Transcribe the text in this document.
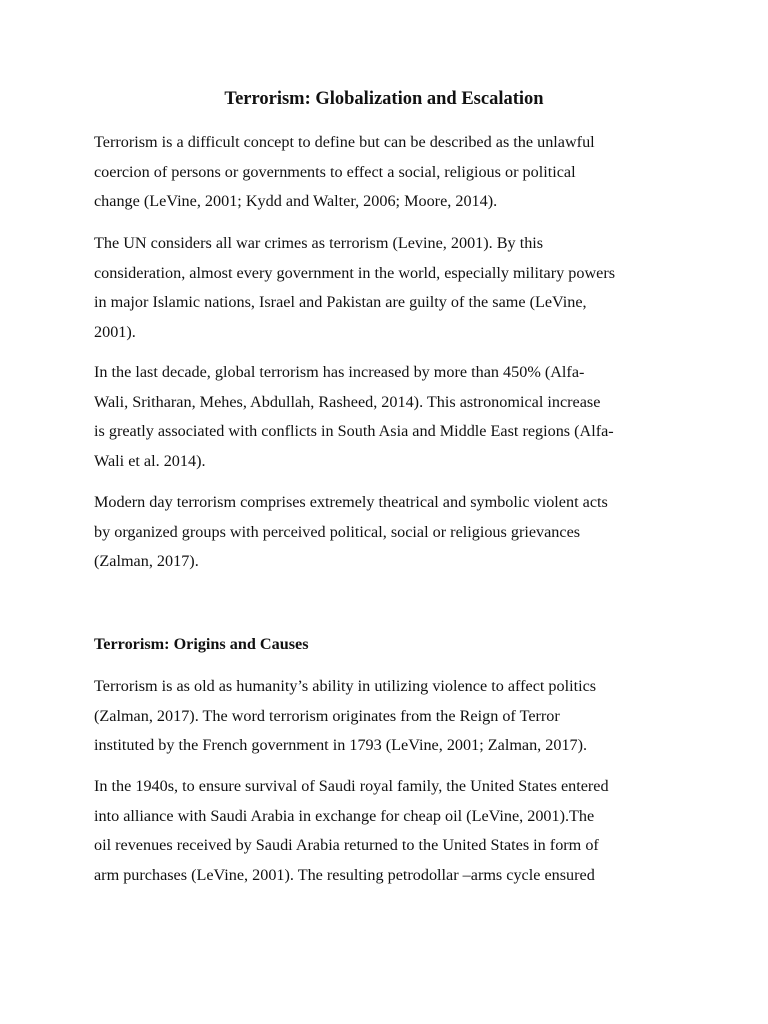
Terrorism: Globalization and Escalation

Terrorism is a difficult concept to define but can be described as the unlawful
coercion of persons or governments to effect a social, religious or political
change (LeVine, 2001; Kydd and Walter, 2006; Moore, 2014).

The UN considers all war crimes as terrorism (Levine, 2001). By this
consideration, almost every government in the world, especially military powers
in major Islamic nations, Israel and Pakistan are guilty of the same (LeVine,
2001).

In the last decade, global terrorism has increased by more than 450% (Alfa-
Wali, Sritharan, Mehes, Abdullah, Rasheed, 2014). This astronomical increase
is greatly associated with conflicts in South Asia and Middle East regions (Alfa-
Wali et al. 2014).

Modern day terrorism comprises extremely theatrical and symbolic violent acts
by organized groups with perceived political, social or religious grievances
(Zalman, 2017).

Terrorism: Origins and Causes

Terrorism is as old as humanity’s ability in utilizing violence to affect politics
(Zalman, 2017). The word terrorism originates from the Reign of Terror
instituted by the French government in 1793 (LeVine, 2001; Zalman, 2017).

In the 1940s, to ensure survival of Saudi royal family, the United States entered
into alliance with Saudi Arabia in exchange for cheap oil (LeVine, 2001).The
oil revenues received by Saudi Arabia returned to the United States in form of
arm purchases (LeVine, 2001). The resulting petrodollar –arms cycle ensured
